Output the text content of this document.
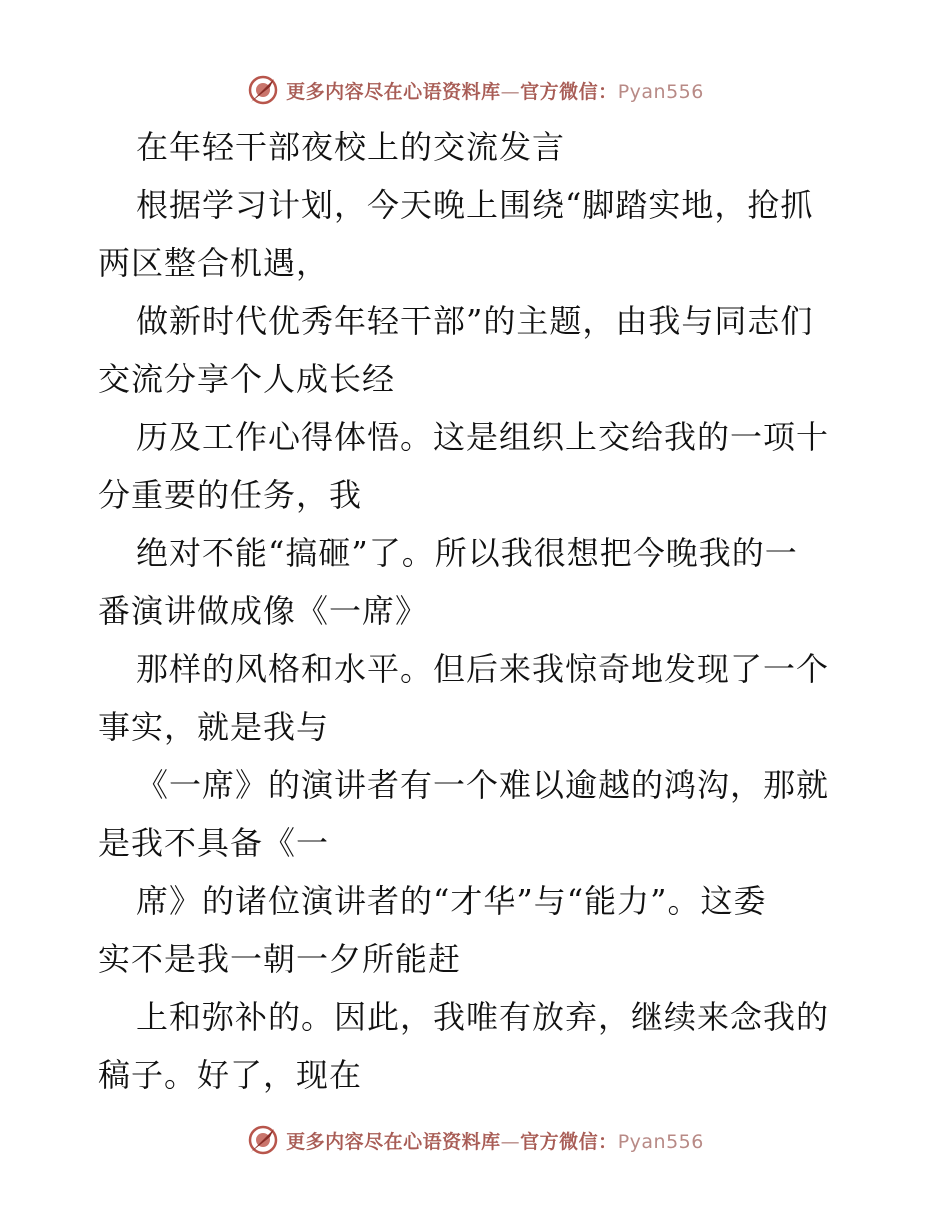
更多内容尽在心语资料库—官方微信：Pyan556
在年轻干部夜校上的交流发言
根据学习计划，今天晚上围绕“脚踏实地，抢抓
两区整合机遇，
做新时代优秀年轻干部”的主题，由我与同志们
交流分享个人成长经
历及工作心得体悟。这是组织上交给我的一项十
分重要的任务，我
绝对不能“搞砸”了。所以我很想把今晚我的一
番演讲做成像《一席》
那样的风格和水平。但后来我惊奇地发现了一个
事实，就是我与
《一席》的演讲者有一个难以逾越的鸿沟，那就
是我不具备《一
席》的诸位演讲者的“才华”与“能力”。这委
实不是我一朝一夕所能赶
上和弥补的。因此，我唯有放弃，继续来念我的
稿子。好了，现在
更多内容尽在心语资料库—官方微信：Pyan556
